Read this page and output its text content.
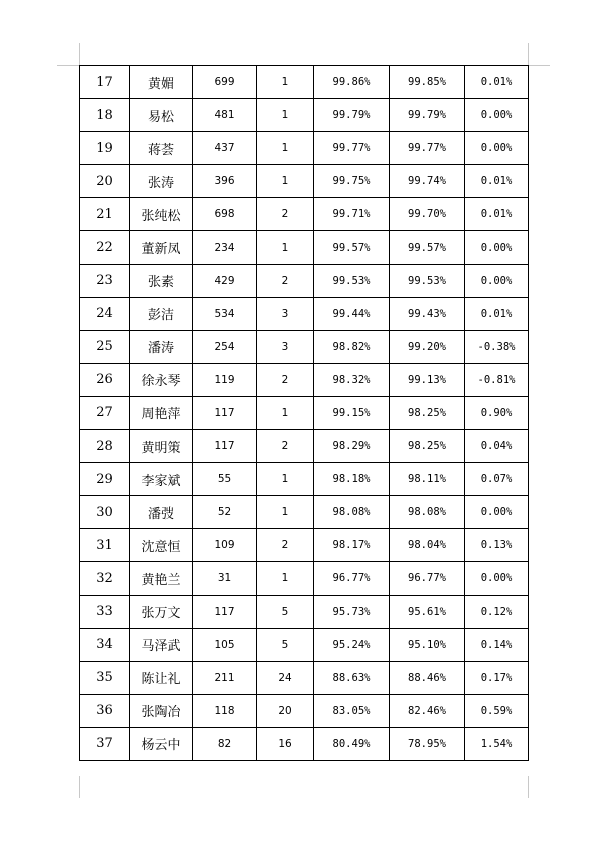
17	黄媚	699	1	99.86%	99.85%	0.01%
18	易松	481	1	99.79%	99.79%	0.00%
19	蒋荟	437	1	99.77%	99.77%	0.00%
20	张涛	396	1	99.75%	99.74%	0.01%
21	张纯松	698	2	99.71%	99.70%	0.01%
22	董新凤	234	1	99.57%	99.57%	0.00%
23	张素	429	2	99.53%	99.53%	0.00%
24	彭洁	534	3	99.44%	99.43%	0.01%
25	潘涛	254	3	98.82%	99.20%	-0.38%
26	徐永琴	119	2	98.32%	99.13%	-0.81%
27	周艳萍	117	1	99.15%	98.25%	0.90%
28	黄明策	117	2	98.29%	98.25%	0.04%
29	李家斌	55	1	98.18%	98.11%	0.07%
30	潘弢	52	1	98.08%	98.08%	0.00%
31	沈意恒	109	2	98.17%	98.04%	0.13%
32	黄艳兰	31	1	96.77%	96.77%	0.00%
33	张万文	117	5	95.73%	95.61%	0.12%
34	马泽武	105	5	95.24%	95.10%	0.14%
35	陈让礼	211	24	88.63%	88.46%	0.17%
36	张陶冶	118	20	83.05%	82.46%	0.59%
37	杨云中	82	16	80.49%	78.95%	1.54%
